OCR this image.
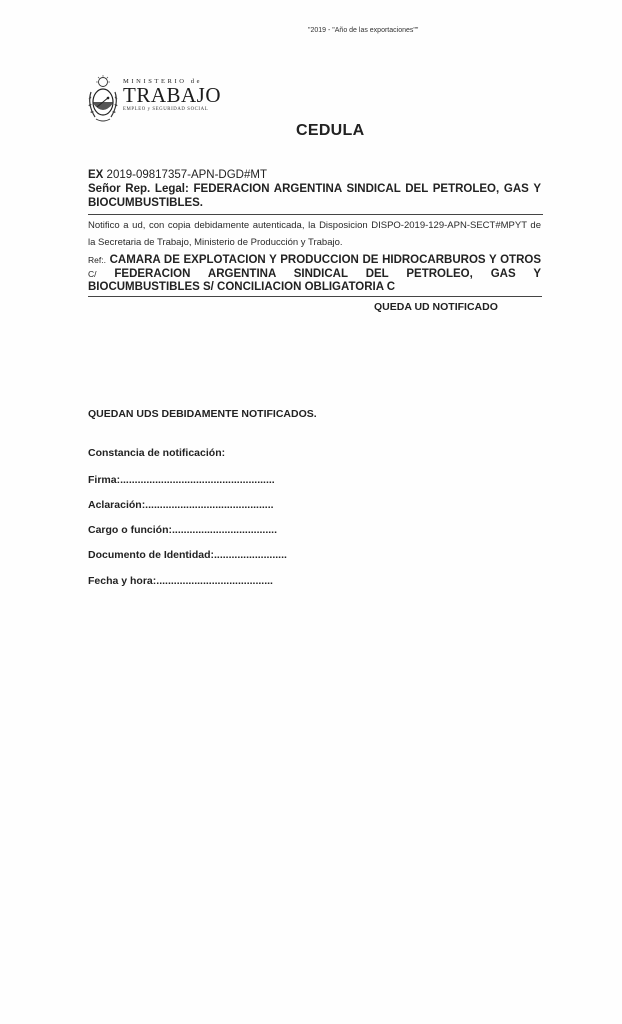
"2019 - "Año de las exportaciones""
MINISTERIO de
TRABAJO
EMPLEO y SEGURIDAD SOCIAL
CEDULA
EX 2019-09817357-APN-DGD#MT
Señor Rep. Legal: FEDERACION ARGENTINA SINDICAL DEL PETROLEO, GAS Y BIOCUMBUSTIBLES.
Notifico a ud, con copia debidamente autenticada, la Disposicion DISPO-2019-129-APN-SECT#MPYT de la Secretaria de Trabajo, Ministerio de Producción y Trabajo.
Ref:. CAMARA DE EXPLOTACION Y PRODUCCION DE HIDROCARBUROS Y OTROS C/ FEDERACION ARGENTINA SINDICAL DEL PETROLEO, GAS Y BIOCUMBUSTIBLES S/ CONCILIACION OBLIGATORIA C
QUEDA UD NOTIFICADO
QUEDAN UDS DEBIDAMENTE NOTIFICADOS.
Constancia de notificación:
Firma:.....................................................
Aclaración:............................................
Cargo o función:....................................
Documento de Identidad:.........................
Fecha y hora:........................................
